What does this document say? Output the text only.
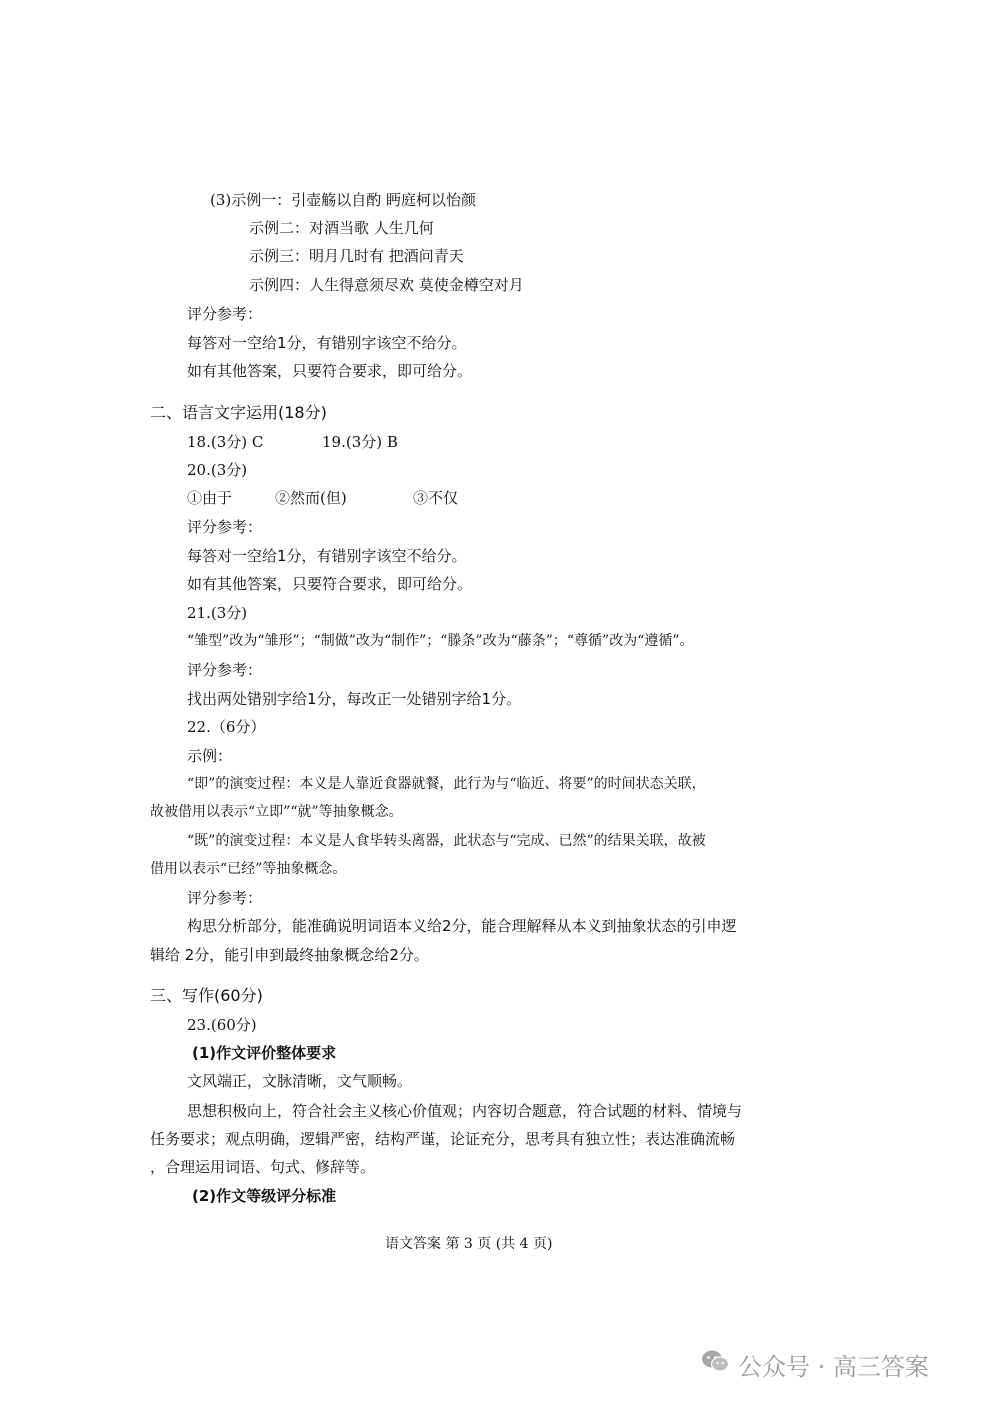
(3)示例一：引壶觞以自酌 眄庭柯以怡颜
示例二：对酒当歌 人生几何
示例三：明月几时有 把酒问青天
示例四：人生得意须尽欢 莫使金樽空对月
评分参考：
每答对一空给1分，有错别字该空不给分。
如有其他答案，只要符合要求，即可给分。
二、语言文字运用(18分)
18.(3分) C	19.(3分) B
20.(3分)
①由于	②然而(但)	③不仅
评分参考：
每答对一空给1分，有错别字该空不给分。
如有其他答案，只要符合要求，即可给分。
21.(3分)
“雏型”改为“雏形”；“制做”改为“制作”；“滕条”改为“藤条”；“尊循”改为“遵循”。
评分参考：
找出两处错别字给1分，每改正一处错别字给1分。
22.（6分）
示例：
“即”的演变过程：本义是人靠近食器就餐，此行为与“临近、将要”的时间状态关联，
故被借用以表示“立即”“就”等抽象概念。
“既”的演变过程：本义是人食毕转头离器，此状态与“完成、已然”的结果关联，故被
借用以表示“已经”等抽象概念。
评分参考：
构思分析部分，能准确说明词语本义给2分，能合理解释从本义到抽象状态的引申逻
辑给 2分，能引申到最终抽象概念给2分。
三、写作(60分)
23.(60分)
(1)作文评价整体要求
文风端正，文脉清晰，文气顺畅。
思想积极向上，符合社会主义核心价值观；内容切合题意，符合试题的材料、情境与
任务要求；观点明确，逻辑严密，结构严谨，论证充分，思考具有独立性；表达准确流畅
，合理运用词语、句式、修辞等。
(2)作文等级评分标准
语文答案 第 3 页 (共 4 页)
公众号 · 高三答案
